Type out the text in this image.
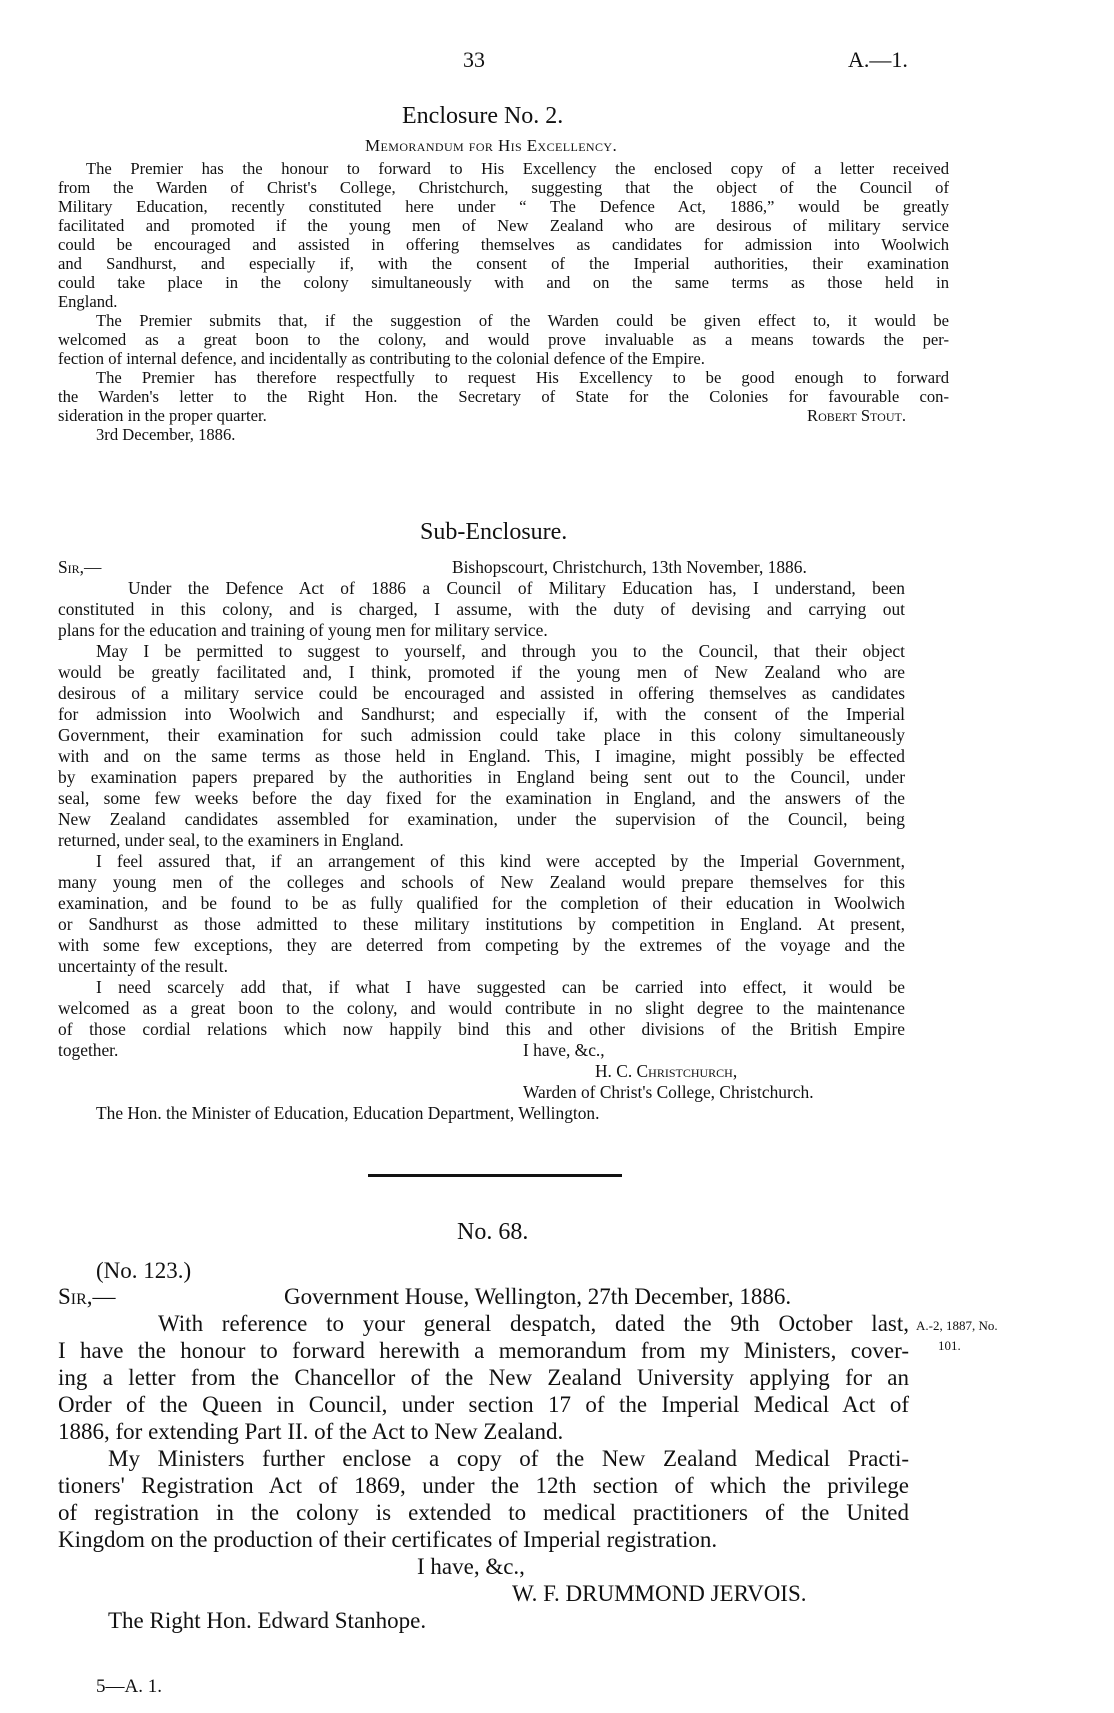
33	A.—1.
Enclosure No. 2.
Memorandum for His Excellency.
The Premier has the honour to forward to His Excellency the enclosed copy of a letter received
from the Warden of Christ's College, Christchurch, suggesting that the object of the Council of
Military Education, recently constituted here under “ The Defence Act, 1886,” would be greatly
facilitated and promoted if the young men of New Zealand who are desirous of military service
could be encouraged and assisted in offering themselves as candidates for admission into Woolwich
and Sandhurst, and especially if, with the consent of the Imperial authorities, their examination
could take place in the colony simultaneously with and on the same terms as those held in
England.
The Premier submits that, if the suggestion of the Warden could be given effect to, it would be
welcomed as a great boon to the colony, and would prove invaluable as a means towards the per-
fection of internal defence, and incidentally as contributing to the colonial defence of the Empire.
The Premier has therefore respectfully to request His Excellency to be good enough to forward
the Warden's letter to the Right Hon. the Secretary of State for the Colonies for favourable con-
sideration in the proper quarter.	Robert Stout.
3rd December, 1886.
Sub-Enclosure.
Sir,—	Bishopscourt, Christchurch, 13th November, 1886.
Under the Defence Act of 1886 a Council of Military Education has, I understand, been
constituted in this colony, and is charged, I assume, with the duty of devising and carrying out
plans for the education and training of young men for military service.
May I be permitted to suggest to yourself, and through you to the Council, that their object
would be greatly facilitated and, I think, promoted if the young men of New Zealand who are
desirous of a military service could be encouraged and assisted in offering themselves as candidates
for admission into Woolwich and Sandhurst; and especially if, with the consent of the Imperial
Government, their examination for such admission could take place in this colony simultaneously
with and on the same terms as those held in England. This, I imagine, might possibly be effected
by examination papers prepared by the authorities in England being sent out to the Council, under
seal, some few weeks before the day fixed for the examination in England, and the answers of the
New Zealand candidates assembled for examination, under the supervision of the Council, being
returned, under seal, to the examiners in England.
I feel assured that, if an arrangement of this kind were accepted by the Imperial Government,
many young men of the colleges and schools of New Zealand would prepare themselves for this
examination, and be found to be as fully qualified for the completion of their education in Woolwich
or Sandhurst as those admitted to these military institutions by competition in England. At present,
with some few exceptions, they are deterred from competing by the extremes of the voyage and the
uncertainty of the result.
I need scarcely add that, if what I have suggested can be carried into effect, it would be
welcomed as a great boon to the colony, and would contribute in no slight degree to the maintenance
of those cordial relations which now happily bind this and other divisions of the British Empire
together.	I have, &c.,
H. C. Christchurch,
Warden of Christ's College, Christchurch.
The Hon. the Minister of Education, Education Department, Wellington.
No. 68.
(No. 123.)
Sir,—	Government House, Wellington, 27th December, 1886.
With reference to your general despatch, dated the 9th October last,
I have the honour to forward herewith a memorandum from my Ministers, cover-
ing a letter from the Chancellor of the New Zealand University applying for an
Order of the Queen in Council, under section 17 of the Imperial Medical Act of
1886, for extending Part II. of the Act to New Zealand.
My Ministers further enclose a copy of the New Zealand Medical Practi-
tioners' Registration Act of 1869, under the 12th section of which the privilege
of registration in the colony is extended to medical practitioners of the United
Kingdom on the production of their certificates of Imperial registration.
I have, &c.,
W. F. DRUMMOND JERVOIS.
The Right Hon. Edward Stanhope.
A.-2, 1887, No.
101.
5—A. 1.
